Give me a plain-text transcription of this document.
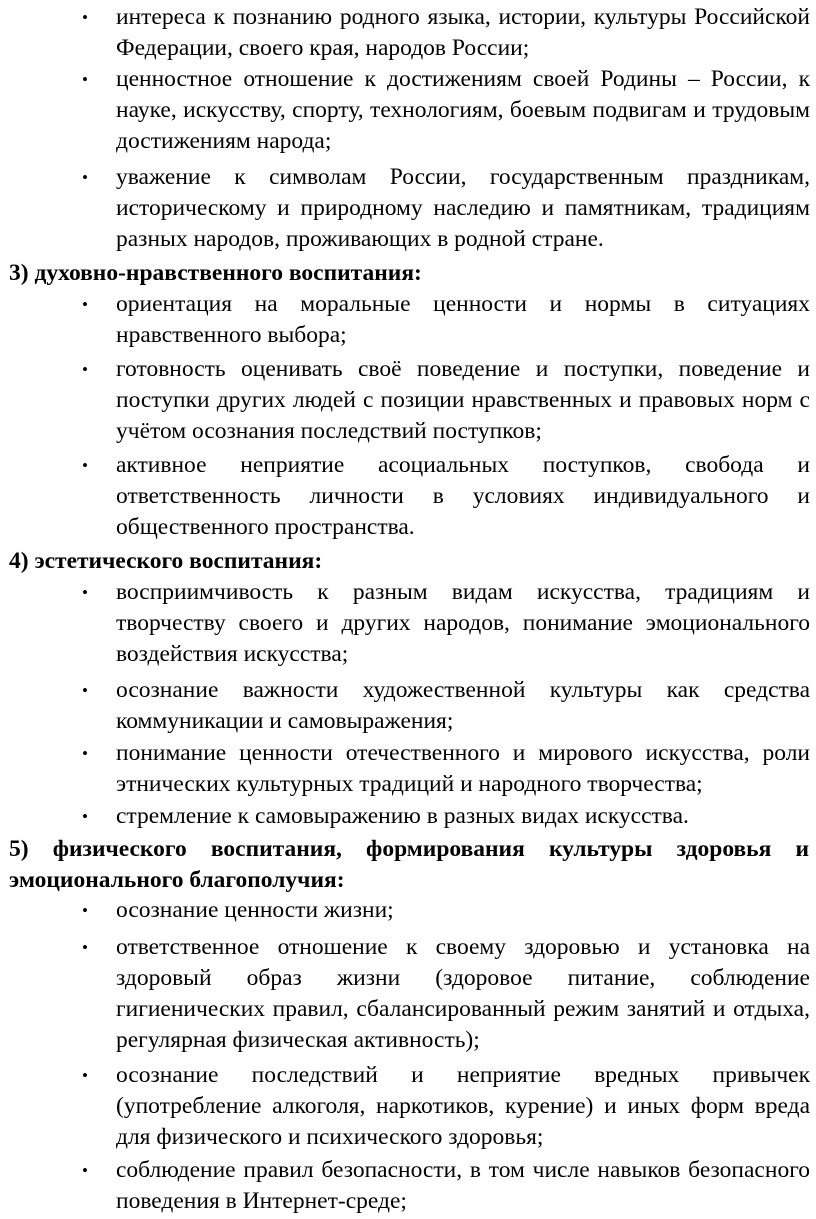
• интереса к познанию родного языка, истории, культуры Российской Федерации, своего края, народов России;
• ценностное отношение к достижениям своей Родины – России, к науке, искусству, спорту, технологиям, боевым подвигам и трудовым достижениям народа;
• уважение к символам России, государственным праздникам, историческому и природному наследию и памятникам, традициям разных народов, проживающих в родной стране.
3) духовно-нравственного воспитания:
• ориентация на моральные ценности и нормы в ситуациях нравственного выбора;
• готовность оценивать своё поведение и поступки, поведение и поступки других людей с позиции нравственных и правовых норм с учётом осознания последствий поступков;
• активное неприятие асоциальных поступков, свобода и ответственность личности в условиях индивидуального и общественного пространства.
4) эстетического воспитания:
• восприимчивость к разным видам искусства, традициям и творчеству своего и других народов, понимание эмоционального воздействия искусства;
• осознание важности художественной культуры как средства коммуникации и самовыражения;
• понимание ценности отечественного и мирового искусства, роли этнических культурных традиций и народного творчества;
• стремление к самовыражению в разных видах искусства.
5) физического воспитания, формирования культуры здоровья и эмоционального благополучия:
• осознание ценности жизни;
• ответственное отношение к своему здоровью и установка на здоровый образ жизни (здоровое питание, соблюдение гигиенических правил, сбалансированный режим занятий и отдыха, регулярная физическая активность);
• осознание последствий и неприятие вредных привычек (употребление алкоголя, наркотиков, курение) и иных форм вреда для физического и психического здоровья;
• соблюдение правил безопасности, в том числе навыков безопасного поведения в Интернет-среде;
